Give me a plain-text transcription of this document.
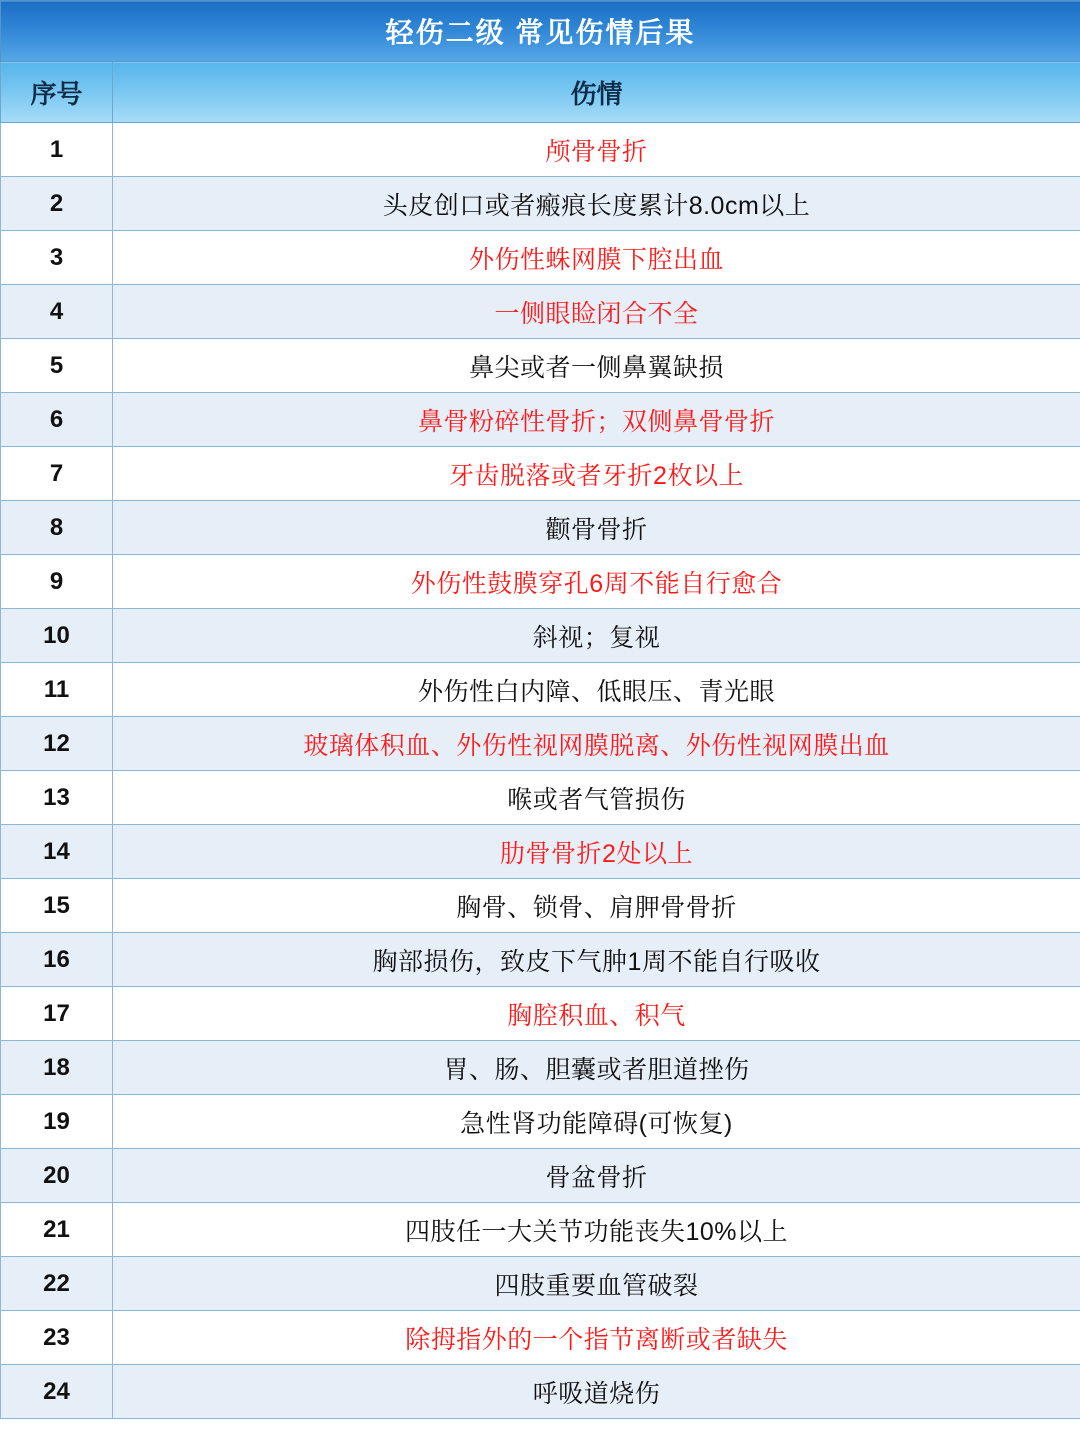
轻伤二级 常见伤情后果	
序号	伤情
1	颅骨骨折
2	头皮创口或者瘢痕长度累计8.0cm以上
3	外伤性蛛网膜下腔出血
4	一侧眼睑闭合不全
5	鼻尖或者一侧鼻翼缺损
6	鼻骨粉碎性骨折；双侧鼻骨骨折
7	牙齿脱落或者牙折2枚以上
8	颧骨骨折
9	外伤性鼓膜穿孔6周不能自行愈合
10	斜视；复视
11	外伤性白内障、低眼压、青光眼
12	玻璃体积血、外伤性视网膜脱离、外伤性视网膜出血
13	喉或者气管损伤
14	肋骨骨折2处以上
15	胸骨、锁骨、肩胛骨骨折
16	胸部损伤，致皮下气肿1周不能自行吸收
17	胸腔积血、积气
18	胃、肠、胆囊或者胆道挫伤
19	急性肾功能障碍(可恢复)
20	骨盆骨折
21	四肢任一大关节功能丧失10%以上
22	四肢重要血管破裂
23	除拇指外的一个指节离断或者缺失
24	呼吸道烧伤
